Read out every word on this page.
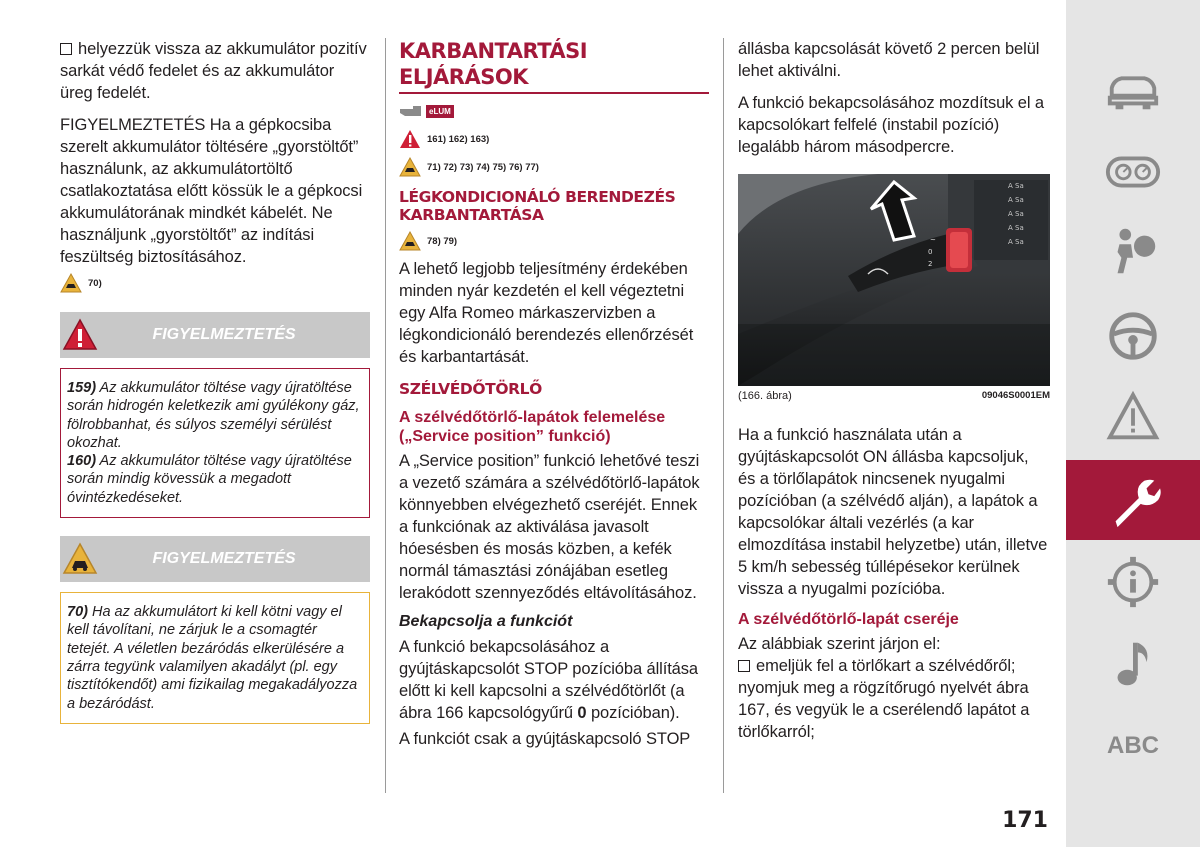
helyezzük vissza az akkumulátor pozitív sarkát védő fedelet és az akkumulátor üreg fedelét.

FIGYELMEZTETÉS Ha a gépkocsiba szerelt akkumulátor töltésére „gyorstöltőt” használunk, az akkumulátortöltő csatlakoztatása előtt kössük le a gépkocsi akkumulátorának mindkét kábelét. Ne használjunk „gyorstöltőt” az indítási feszültség biztosításához.

70)
FIGYELMEZTETÉS
159) Az akkumulátor töltése vagy újratöltése során hidrogén keletkezik ami gyúlékony gáz, fölrobbanhat, és súlyos személyi sérülést okozhat.
160) Az akkumulátor töltése vagy újratöltése során mindig kövessük a megadott óvintézkedéseket.
FIGYELMEZTETÉS
70) Ha az akkumulátort ki kell kötni vagy el kell távolítani, ne zárjuk le a csomagtér tetejét. A véletlen bezáródás elkerülésére a zárra tegyünk valamilyen akadályt (pl. egy tisztítókendőt) ami fizikailag megakadályozza a bezáródást.
KARBANTARTÁSI ELJÁRÁSOK
eLUM
161) 162) 163)
71) 72) 73) 74) 75) 76) 77)
LÉGKONDICIONÁLÓ BERENDEZÉS KARBANTARTÁSA
78) 79)

A lehető legjobb teljesítmény érdekében minden nyár kezdetén el kell végeztetni egy Alfa Romeo márkaszervizben a légkondicionáló berendezés ellenőrzését és karbantartását.

SZÉLVÉDŐTÖRLŐ
A szélvédőtörlő-lapátok felemelése („Service position” funkció)

A „Service position” funkció lehetővé teszi a vezető számára a szélvédőtörlő-lapátok könnyebben elvégezhető cseréjét. Ennek a funkciónak az aktiválása javasolt hóesésben és mosás közben, a kefék normál támasztási zónájában esetleg lerakódott szennyeződés eltávolításához.

Bekapcsolja a funkciót

A funkció bekapcsolásához a gyújtáskapcsolót STOP pozícióba állítása előtt ki kell kapcsolni a szélvédőtörlőt (a ábra 166 kapcsológyűrű 0 pozícióban).

A funkciót csak a gyújtáskapcsoló STOP

állásba kapcsolását követő 2 percen belül lehet aktiválni.

A funkció bekapcsolásához mozdítsuk el a kapcsolókart felfelé (instabil pozíció) legalább három másodpercre.

A Sa
A Sa
A Sa
A Sa
A Sa
~
0
2
(166. ábra)	09046S0001EM

Ha a funkció használata után a gyújtáskapcsolót ON állásba kapcsoljuk, és a törlőlapátok nincsenek nyugalmi pozícióban (a szélvédő alján), a lapátok a kapcsolókar általi vezérlés (a kar elmozdítása instabil helyzetbe) után, illetve 5 km/h sebesség túllépésekor kerülnek vissza a nyugalmi pozícióba.

A szélvédőtörlő-lapát cseréje

Az alábbiak szerint járjon el:

emeljük fel a törlőkart a szélvédőről; nyomjuk meg a rögzítőrugó nyelvét ábra 167, és vegyük le a cserélendő lapátot a törlőkarról;	ABC
171
